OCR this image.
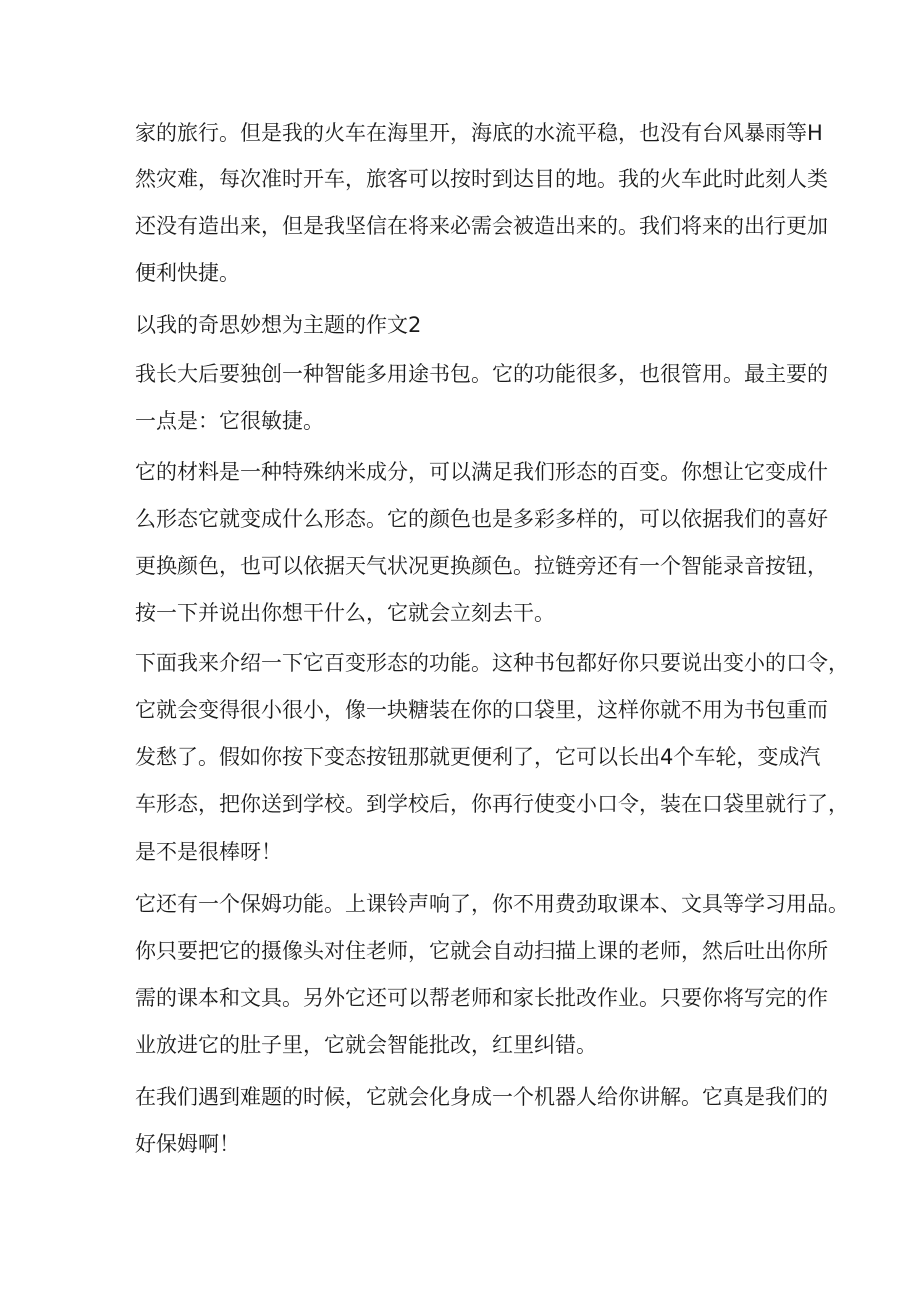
家的旅行。但是我的火车在海里开，海底的水流平稳，也没有台风暴雨等H
然灾难，每次准时开车，旅客可以按时到达目的地。我的火车此时此刻人类
还没有造出来，但是我坚信在将来必需会被造出来的。我们将来的出行更加
便利快捷。
以我的奇思妙想为主题的作文2
我长大后要独创一种智能多用途书包。它的功能很多，也很管用。最主要的
一点是：它很敏捷。
它的材料是一种特殊纳米成分，可以满足我们形态的百变。你想让它变成什
么形态它就变成什么形态。它的颜色也是多彩多样的，可以依据我们的喜好
更换颜色，也可以依据天气状况更换颜色。拉链旁还有一个智能录音按钮，
按一下并说出你想干什么，它就会立刻去干。
下面我来介绍一下它百变形态的功能。这种书包都好你只要说出变小的口令，
它就会变得很小很小，像一块糖装在你的口袋里，这样你就不用为书包重而
发愁了。假如你按下变态按钮那就更便利了，它可以长出4个车轮，变成汽
车形态，把你送到学校。到学校后，你再行使变小口令，装在口袋里就行了，
是不是很棒呀！
它还有一个保姆功能。上课铃声响了，你不用费劲取课本、文具等学习用品。
你只要把它的摄像头对住老师，它就会自动扫描上课的老师，然后吐出你所
需的课本和文具。另外它还可以帮老师和家长批改作业。只要你将写完的作
业放进它的肚子里，它就会智能批改，红里纠错。
在我们遇到难题的时候，它就会化身成一个机器人给你讲解。它真是我们的
好保姆啊！
